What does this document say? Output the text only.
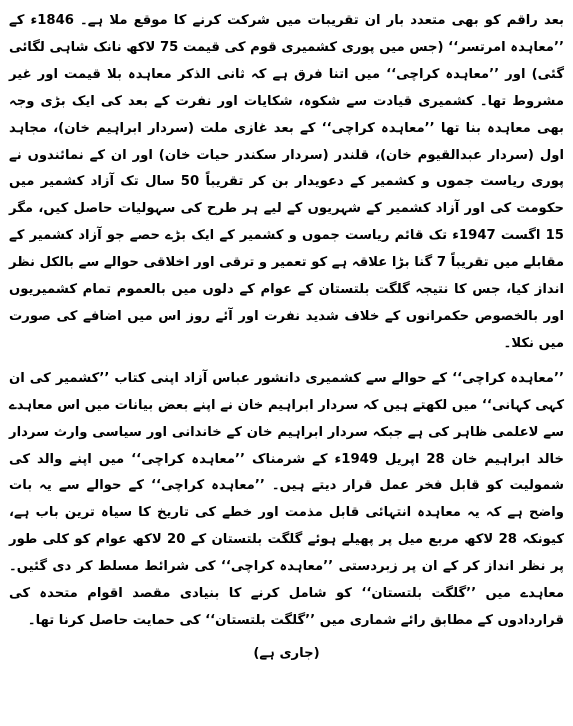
بعد راقم کو بھی متعدد بار ان تقریبات میں شرکت کرنے کا موقع ملا ہے۔ 1846ء کے ’’معاہدہ امرتسر‘‘ (جس میں پوری کشمیری قوم کی قیمت 75 لاکھ نانک شاہی لگائی گئی) اور ’’معاہدہ کراچی‘‘ میں اتنا فرق ہے کہ ثانی الذکر معاہدہ بلا قیمت اور غیر مشروط تھا۔ کشمیری قیادت سے شکوہ، شکایات اور نفرت کے بعد کی ایک بڑی وجہ بھی معاہدہ بنا تھا ’’معاہدہ کراچی‘‘ کے بعد غازی ملت (سردار ابراہیم خان)، مجاہد اول (سردار عبدالقیوم خان)، قلندر (سردار سکندر حیات خان) اور ان کے نمائندوں نے پوری ریاست جموں و کشمیر کے دعویدار بن کر تقریباً 50 سال تک آزاد کشمیر میں حکومت کی اور آزاد کشمیر کے شہریوں کے لیے ہر طرح کی سہولیات حاصل کیں، مگر 15 اگست 1947ء تک قائم ریاست جموں و کشمیر کے ایک بڑے حصے جو آزاد کشمیر کے مقابلے میں تقریباً 7 گنا بڑا علاقہ ہے کو تعمیر و ترقی اور اخلاقی حوالے سے بالکل نظر انداز کیا، جس کا نتیجہ گلگت بلتستان کے عوام کے دلوں میں بالعموم تمام کشمیریوں اور بالخصوص حکمرانوں کے خلاف شدید نفرت اور آئے روز اس میں اضافے کی صورت میں نکلا۔

’’معاہدہ کراچی‘‘ کے حوالے سے کشمیری دانشور عباس آزاد اپنی کتاب ’’کشمیر کی ان کہی کہانی‘‘ میں لکھتے ہیں کہ سردار ابراہیم خان نے اپنے بعض بیانات میں اس معاہدے سے لاعلمی ظاہر کی ہے جبکہ سردار ابراہیم خان کے خاندانی اور سیاسی وارث سردار خالد ابراہیم خان 28 اپریل 1949ء کے شرمناک ’’معاہدہ کراچی‘‘ میں اپنے والد کی شمولیت کو قابل فخر عمل قرار دیتے ہیں۔ ’’معاہدہ کراچی‘‘ کے حوالے سے یہ بات واضح ہے کہ یہ معاہدہ انتہائی قابل مذمت اور خطے کی تاریخ کا سیاہ ترین باب ہے، کیونکہ 28 لاکھ مربع میل پر پھیلے ہوئے گلگت بلتستان کے 20 لاکھ عوام کو کلی طور پر نظر انداز کر کے ان پر زبردستی ’’معاہدہ کراچی‘‘ کی شرائط مسلط کر دی گئیں۔ معاہدے میں ’’گلگت بلتستان‘‘ کو شامل کرنے کا بنیادی مقصد اقوام متحدہ کی قراردادوں کے مطابق رائے شماری میں ’’گلگت بلتستان‘‘ کی حمایت حاصل کرنا تھا۔

(جاری ہے)
